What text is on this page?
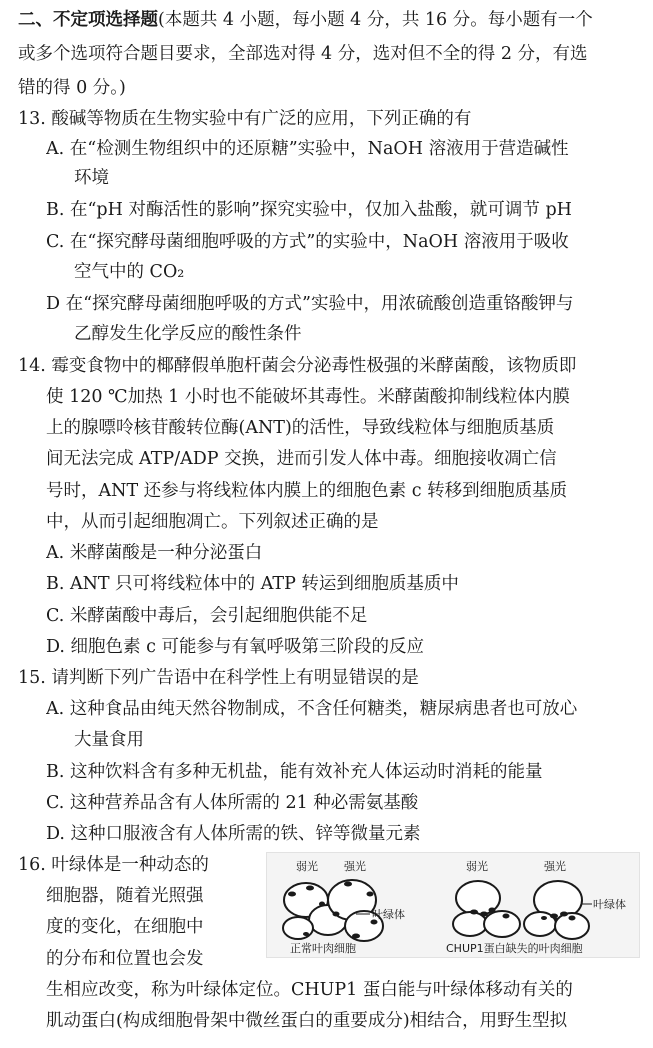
二、不定项选择题(本题共 4 小题，每小题 4 分，共 16 分。每小题有一个
或多个选项符合题目要求，全部选对得 4 分，选对但不全的得 2 分，有选
错的得 0 分。)
13. 酸碱等物质在生物实验中有广泛的应用，下列正确的有
A. 在“检测生物组织中的还原糖”实验中，NaOH 溶液用于营造碱性
环境
B. 在“pH 对酶活性的影响”探究实验中，仅加入盐酸，就可调节 pH
C. 在“探究酵母菌细胞呼吸的方式”的实验中，NaOH 溶液用于吸收
空气中的 CO₂
D 在“探究酵母菌细胞呼吸的方式”实验中，用浓硫酸创造重铬酸钾与
乙醇发生化学反应的酸性条件
14. 霉变食物中的椰酵假单胞杆菌会分泌毒性极强的米酵菌酸，该物质即
使 120 ℃加热 1 小时也不能破坏其毒性。米酵菌酸抑制线粒体内膜
上的腺嘌呤核苷酸转位酶(ANT)的活性，导致线粒体与细胞质基质
间无法完成 ATP/ADP 交换，进而引发人体中毒。细胞接收凋亡信
号时，ANT 还参与将线粒体内膜上的细胞色素 c 转移到细胞质基质
中，从而引起细胞凋亡。下列叙述正确的是
A. 米酵菌酸是一种分泌蛋白
B. ANT 只可将线粒体中的 ATP 转运到细胞质基质中
C. 米酵菌酸中毒后，会引起细胞供能不足
D. 细胞色素 c 可能参与有氧呼吸第三阶段的反应
15. 请判断下列广告语中在科学性上有明显错误的是
A. 这种食品由纯天然谷物制成，不含任何糖类，糖尿病患者也可放心
大量食用
B. 这种饮料含有多种无机盐，能有效补充人体运动时消耗的能量
C. 这种营养品含有人体所需的 21 种必需氨基酸
D. 这种口服液含有人体所需的铁、锌等微量元素
16. 叶绿体是一种动态的
细胞器，随着光照强
度的变化，在细胞中
的分布和位置也会发
生相应改变，称为叶绿体定位。CHUP1 蛋白能与叶绿体移动有关的
肌动蛋白(构成细胞骨架中微丝蛋白的重要成分)相结合，用野生型拟
弱光 强光
叶绿体
弱光	强光
叶绿体
正常叶肉细胞	CHUP1蛋白缺失的叶肉细胞
